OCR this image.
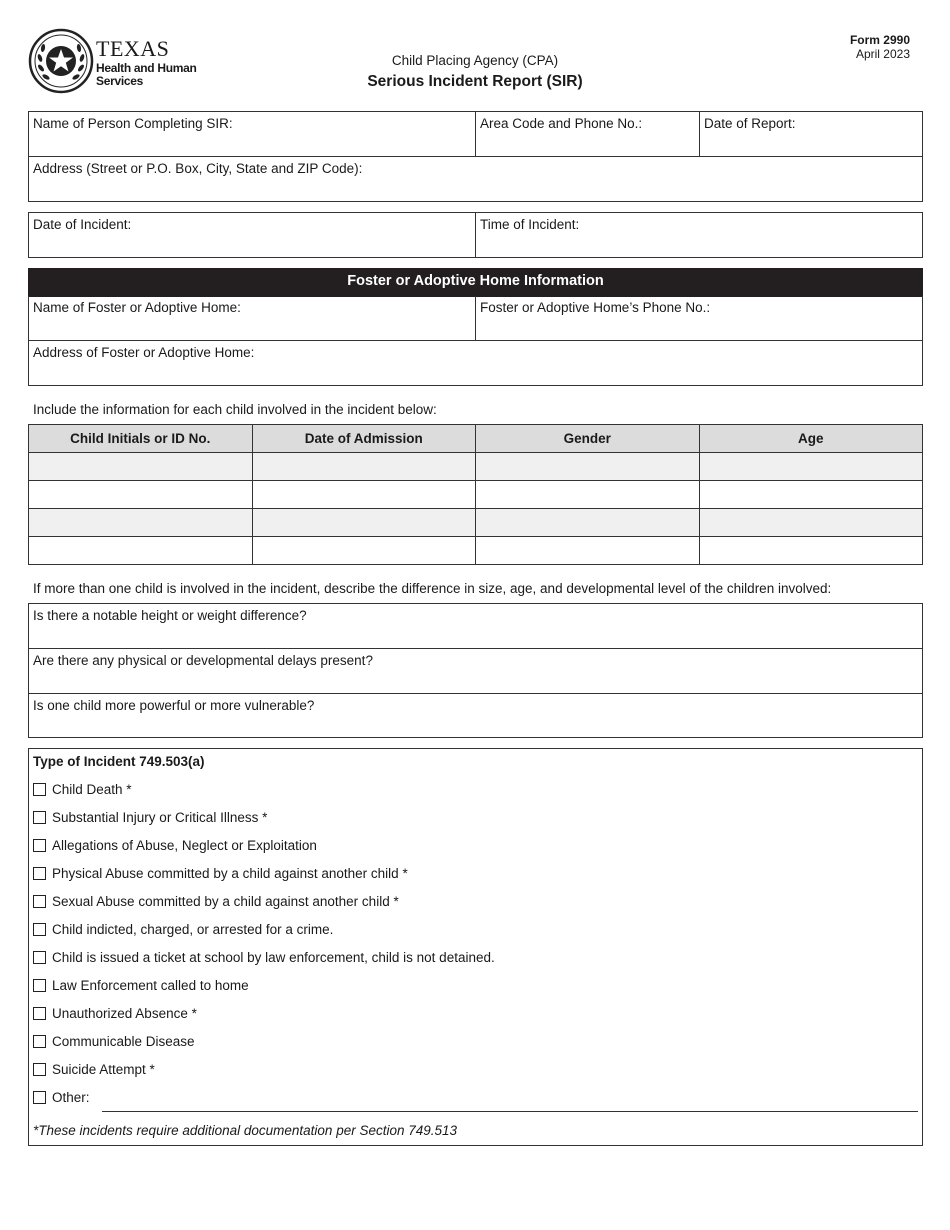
TEXAS
Health and Human
Services
Form 2990
April 2023
Child Placing Agency (CPA)
Serious Incident Report (SIR)
Name of Person Completing SIR:	Area Code and Phone No.:	Date of Report:
Address (Street or P.O. Box, City, State and ZIP Code):
Date of Incident:	Time of Incident:
Foster or Adoptive Home Information
Name of Foster or Adoptive Home:	Foster or Adoptive Home’s Phone No.:
Address of Foster or Adoptive Home:
Include the information for each child involved in the incident below:
Child Initials or ID No.	Date of Admission	Gender	Age

If more than one child is involved in the incident, describe the difference in size, age, and developmental level of the children involved:
Is there a notable height or weight difference?
Are there any physical or developmental delays present?
Is one child more powerful or more vulnerable?
Type of Incident 749.503(a)
Child Death *
Substantial Injury or Critical Illness *
Allegations of Abuse, Neglect or Exploitation
Physical Abuse committed by a child against another child *
Sexual Abuse committed by a child against another child *
Child indicted, charged, or arrested for a crime.
Child is issued a ticket at school by law enforcement, child is not detained.
Law Enforcement called to home
Unauthorized Absence *
Communicable Disease
Suicide Attempt *
Other:
*These incidents require additional documentation per Section 749.513
